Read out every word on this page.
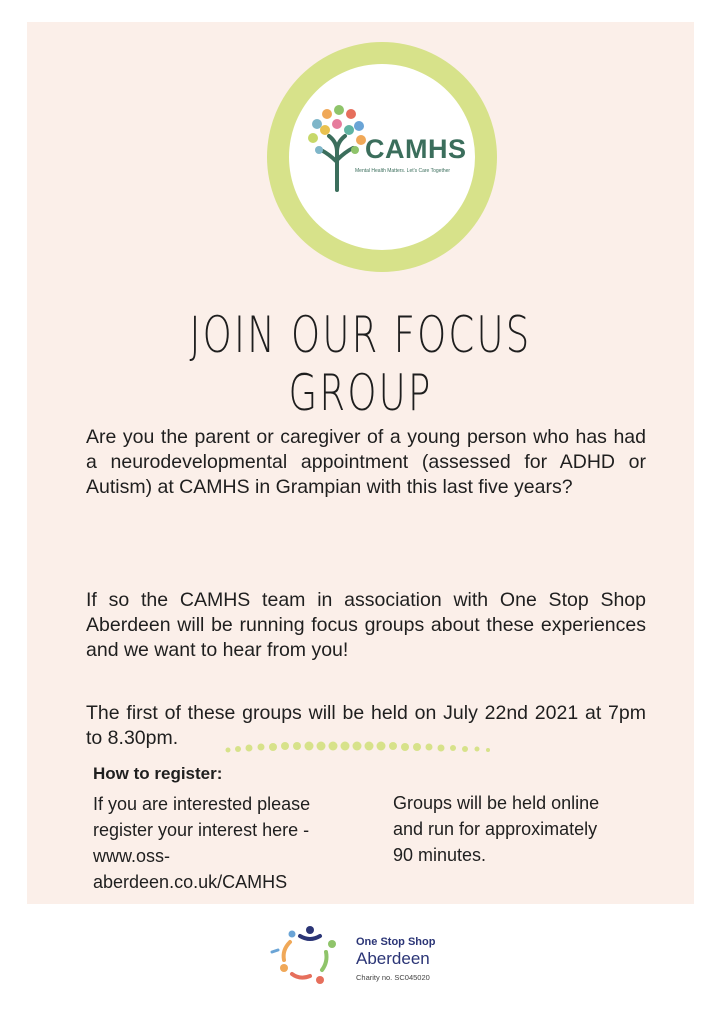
CAMHS
Mental Health Matters. Let's Care Together
JOIN OUR FOCUS GROUP

Are you the parent or caregiver of a young person who has had a neurodevelopmental appointment (assessed for ADHD or Autism) at CAMHS in Grampian with this last five years?

If so the CAMHS team in association with One Stop Shop Aberdeen will be running focus groups about these experiences and we want to hear from you!

The first of these groups will be held on July 22nd 2021 at 7pm to 8.30pm.

How to register:
If you are interested please
register your interest here -
www.oss-
aberdeen.co.uk/CAMHS
Groups will be held online
and run for approximately
90 minutes.
One Stop Shop
Aberdeen
Charity no. SC045020
